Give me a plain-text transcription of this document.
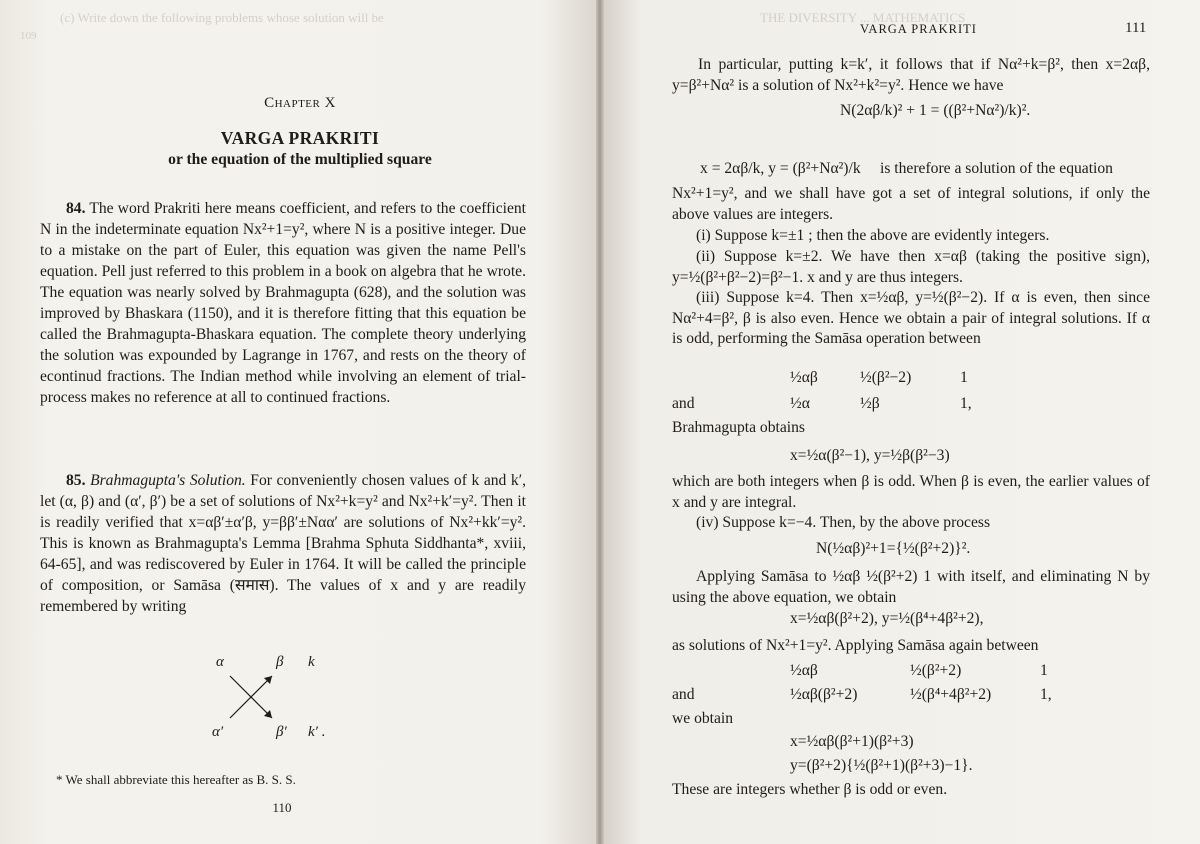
(c) Write down the following problems whose solution will be
Chapter X
VARGA PRAKRITI
or the equation of the multiplied square
84. The word Prakriti here means coefficient, and refers to the coefficient N in the indeterminate equation Nx²+1=y², where N is a positive integer. Due to a mistake on the part of Euler, this equation was given the name Pell's equation. Pell just referred to this problem in a book on algebra that he wrote. The equation was nearly solved by Brahmagupta (628), and the solution was improved by Bhaskara (1150), and it is therefore fitting that this equation be called the Brahmagupta-Bhaskara equation. The complete theory underlying the solution was expounded by Lagrange in 1767, and rests on the theory of econtinud fractions. The Indian method while involving an element of trial-process makes no reference at all to continued fractions.
85. Brahmagupta's Solution. For conveniently chosen values of k and k′, let (α, β) and (α′, β′) be a set of solutions of Nx²+k=y² and Nx²+k′=y². Then it is readily verified that x=αβ′±α′β, y=ββ′±Nαα′ are solutions of Nx²+kk′=y². This is known as Brahmagupta's Lemma [Brahma Sphuta Siddhanta*, xviii, 64-65], and was rediscovered by Euler in 1764. It will be called the principle of composition, or Samāsa (समास). The values of x and y are readily remembered by writing
α	β k
α′	β′ k′ .
* We shall abbreviate this hereafter as B. S. S.
110
THE DIVERSITY ... MATHEMATICS
VARGA PRAKRITI	111
In particular, putting k=k′, it follows that if Nα²+k=β², then x=2αβ, y=β²+Nα² is a solution of Nx²+k²=y². Hence we have
N(2αβ/k)² + 1 = ((β²+Nα²)/k)².
x = 2αβ/k, y = (β²+Nα²)/k is therefore a solution of the equation
Nx²+1=y², and we shall have got a set of integral solutions, if only the above values are integers.
(i) Suppose k=±1 ; then the above are evidently integers.
(ii) Suppose k=±2. We have then x=αβ (taking the positive sign), y=½(β²+β²−2)=β²−1. x and y are thus integers.
(iii) Suppose k=4. Then x=½αβ, y=½(β²−2). If α is even, then since Nα²+4=β², β is also even. Hence we obtain a pair of integral solutions. If α is odd, performing the Samāsa operation between
½αβ	½(β²−2)	1
and	½α	½β	1,
Brahmagupta obtains
x=½α(β²−1), y=½β(β²−3)
which are both integers when β is odd. When β is even, the earlier values of x and y are integral.
(iv) Suppose k=−4. Then, by the above process
N(½αβ)²+1={½(β²+2)}².
Applying Samāsa to ½αβ ½(β²+2) 1 with itself, and eliminating N by using the above equation, we obtain
x=½αβ(β²+2), y=½(β⁴+4β²+2),
as solutions of Nx²+1=y². Applying Samāsa again between
½αβ	½(β²+2)	1
and	½αβ(β²+2)	½(β⁴+4β²+2)	1,
we obtain
x=½αβ(β²+1)(β²+3)
y=(β²+2){½(β²+1)(β²+3)−1}.
These are integers whether β is odd or even.
109
